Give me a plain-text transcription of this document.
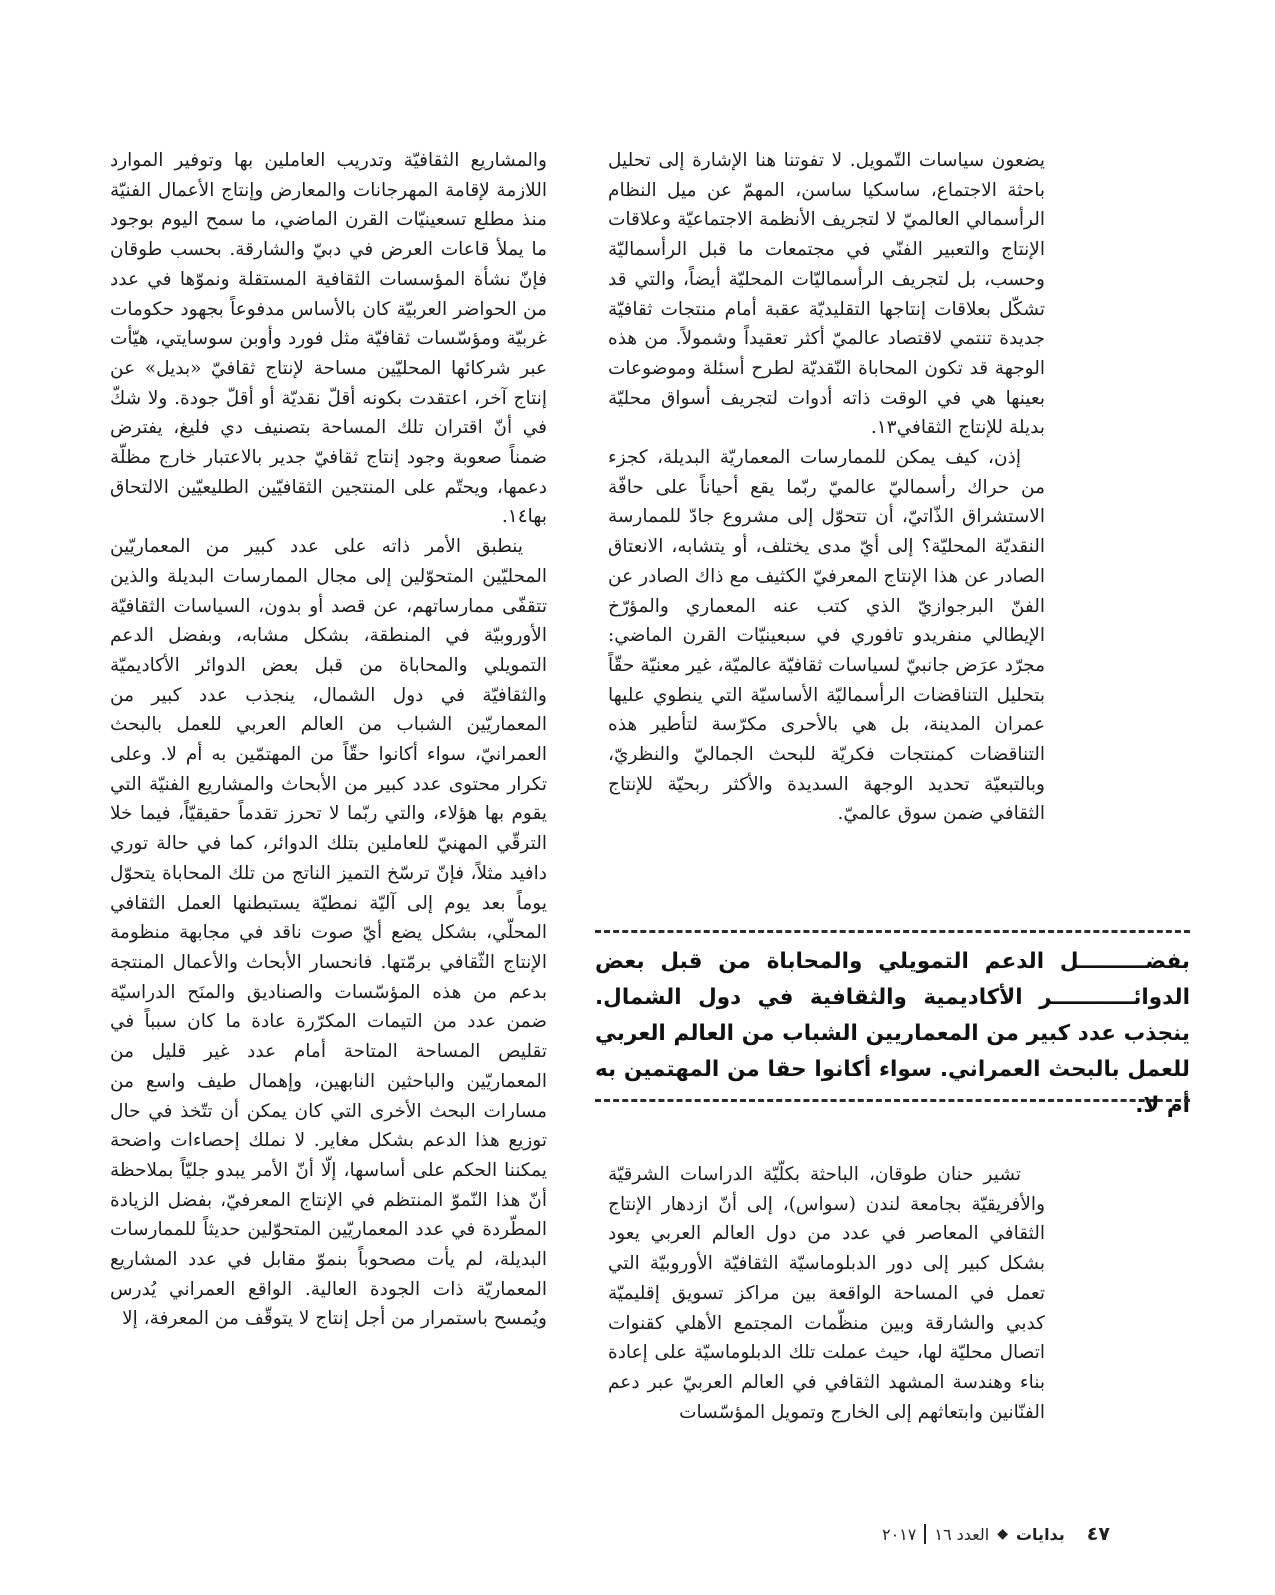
يضعون سياسات التّمويل. لا تفوتنا هنا الإشارة إلى تحليل باحثة الاجتماع، ساسكيا ساسن، المهمّ عن ميل النظام الرأسمالي العالميّ لا لتجريف الأنظمة الاجتماعيّة وعلاقات الإنتاج والتعبير الفنّي في مجتمعات ما قبل الرأسماليّة وحسب، بل لتجريف الرأسماليّات المحليّة أيضاً، والتي قد تشكّل بعلاقات إنتاجها التقليديّة عقبة أمام منتجات ثقافيّة جديدة تنتمي لاقتصاد عالميّ أكثر تعقيداً وشمولاً. من هذه الوجهة قد تكون المحاباة النّقديّة لطرح أسئلة وموضوعات بعينها هي في الوقت ذاته أدوات لتجريف أسواق محليّة بديلة للإنتاج الثقافي١٣.

إذن، كيف يمكن للممارسات المعماريّة البديلة، كجزء من حراك رأسماليّ عالميّ ربّما يقع أحياناً على حافّة الاستشراق الذّاتيّ، أن تتحوّل إلى مشروع جادّ للممارسة النقديّة المحليّة؟ إلى أيّ مدى يختلف، أو يتشابه، الانعتاق الصادر عن هذا الإنتاج المعرفيّ الكثيف مع ذاك الصادر عن الفنّ البرجوازيّ الذي كتب عنه المعماري والمؤرّخ الإيطالي منفريدو تافوري في سبعينيّات القرن الماضي: مجرّد عرَض جانبيّ لسياسات ثقافيّة عالميّة، غير معنيّة حقّاً بتحليل التناقضات الرأسماليّة الأساسيّة التي ينطوي عليها عمران المدينة، بل هي بالأحرى مكرّسة لتأطير هذه التناقضات كمنتجات فكريّة للبحث الجماليّ والنظريّ، وبالتبعيّة تحديد الوجهة السديدة والأكثر ربحيّة للإنتاج الثقافي ضمن سوق عالميّ.

بفضـــــــــل الدعم التمويلي والمحاباة من قبل بعض الدوائـــــــــــر الأكاديمية والثقافية في دول الشمال. ينجذب عدد كبير من المعماريين الشباب من العالم العربي للعمل بالبحث العمراني. سواء أكانوا حقا من المهتمين به أم لا.

تشير حنان طوقان، الباحثة بكلّيّة الدراسات الشرقيّة والأفريقيّة بجامعة لندن (سواس)، إلى أنّ ازدهار الإنتاج الثقافي المعاصر في عدد من دول العالم العربي يعود بشكل كبير إلى دور الدبلوماسيّة الثقافيّة الأوروبيّة التي تعمل في المساحة الواقعة بين مراكز تسويق إقليميّة كدبي والشارقة وبين منظّمات المجتمع الأهلي كقنوات اتصال محليّة لها، حيث عملت تلك الدبلوماسيّة على إعادة بناء وهندسة المشهد الثقافي في العالم العربيّ عبر دعم الفنّانين وابتعاثهم إلى الخارج وتمويل المؤسّسات

والمشاريع الثقافيّة وتدريب العاملين بها وتوفير الموارد اللازمة لإقامة المهرجانات والمعارض وإنتاج الأعمال الفنيّة منذ مطلع تسعينيّات القرن الماضي، ما سمح اليوم بوجود ما يملأ قاعات العرض في دبيّ والشارقة. بحسب طوقان فإنّ نشأة المؤسسات الثقافية المستقلة ونموّها في عدد من الحواضر العربيّة كان بالأساس مدفوعاً بجهود حكومات غربيّة ومؤسّسات ثقافيّة مثل فورد وأوبن سوسايتي، هيّأت عبر شركائها المحليّين مساحة لإنتاج ثقافيّ «بديل» عن إنتاج آخر، اعتقدت بكونه أقلّ نقديّة أو أقلّ جودة. ولا شكّ في أنّ اقتران تلك المساحة بتصنيف دي فليغ، يفترض ضمناً صعوبة وجود إنتاج ثقافيّ جدير بالاعتبار خارج مظلّة دعمها، ويحتّم على المنتجين الثقافيّين الطليعيّين الالتحاق بها١٤.

ينطبق الأمر ذاته على عدد كبير من المعماريّين المحليّين المتحوّلين إلى مجال الممارسات البديلة والذين تتقفّى ممارساتهم، عن قصد أو بدون، السياسات الثقافيّة الأوروبيّة في المنطقة، بشكل مشابه، وبفضل الدعم التمويلي والمحاباة من قبل بعض الدوائر الأكاديميّة والثقافيّة في دول الشمال، ينجذب عدد كبير من المعماريّين الشباب من العالم العربي للعمل بالبحث العمرانيّ، سواء أكانوا حقّاً من المهتمّين به أم لا. وعلى تكرار محتوى عدد كبير من الأبحاث والمشاريع الفنيّة التي يقوم بها هؤلاء، والتي ربّما لا تحرز تقدماً حقيقيّاً، فيما خلا الترقّي المهنيّ للعاملين بتلك الدوائر، كما في حالة توري دافيد مثلاً، فإنّ ترسّخ التميز الناتج من تلك المحاباة يتحوّل يوماً بعد يوم إلى آليّة نمطيّة يستبطنها العمل الثقافي المحلّي، بشكل يضع أيّ صوت ناقد في مجابهة منظومة الإنتاج الثّقافي برمّتها. فانحسار الأبحاث والأعمال المنتجة بدعم من هذه المؤسّسات والصناديق والمنَح الدراسيّة ضمن عدد من التيمات المكرّرة عادة ما كان سبباً في تقليص المساحة المتاحة أمام عدد غير قليل من المعماريّين والباحثين النابهين، وإهمال طيف واسع من مسارات البحث الأخرى التي كان يمكن أن تتّخذ في حال توزيع هذا الدعم بشكل مغاير. لا نملك إحصاءات واضحة يمكننا الحكم على أساسها، إلّا أنّ الأمر يبدو جليّاً بملاحظة أنّ هذا النّموّ المنتظم في الإنتاج المعرفيّ، بفضل الزيادة المطّردة في عدد المعماريّين المتحوّلين حديثاً للممارسات البديلة، لم يأت مصحوباً بنموّ مقابل في عدد المشاريع المعماريّة ذات الجودة العالية. الواقع العمراني يُدرس ويُمسح باستمرار من أجل إنتاج لا يتوقّف من المعرفة، إلا

٤٧
بدايات
◆
العدد ١٦
٢٠١٧
